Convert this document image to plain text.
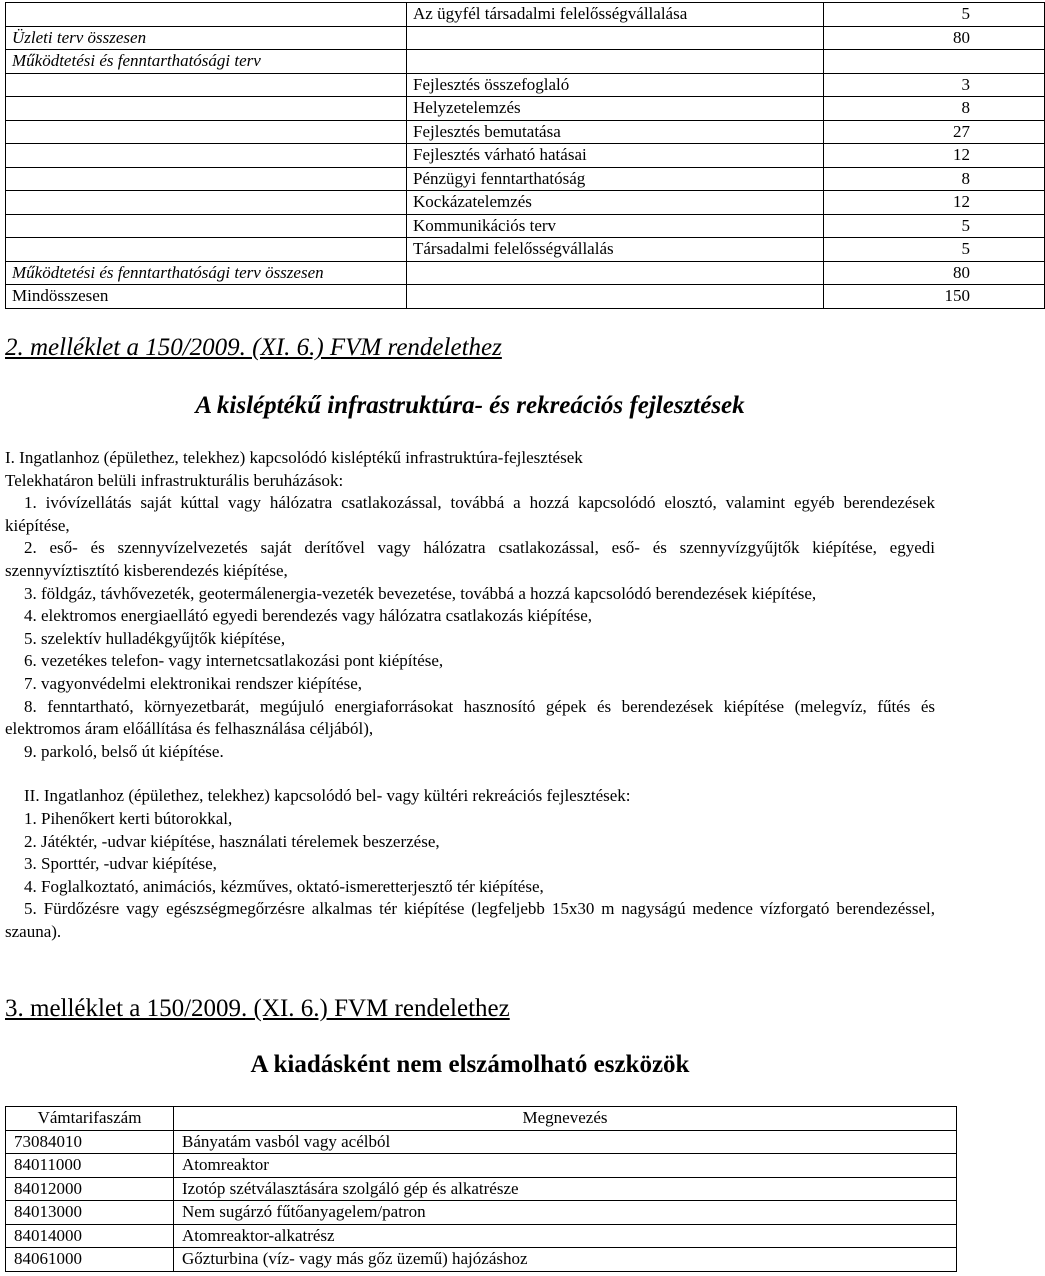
	Az ügyfél társadalmi felelősségvállalása	5
Üzleti terv összesen		80
Működtetési és fenntarthatósági terv		
	Fejlesztés összefoglaló	3
	Helyzetelemzés	8
	Fejlesztés bemutatása	27
	Fejlesztés várható hatásai	12
	Pénzügyi fenntarthatóság	8
	Kockázatelemzés	12
	Kommunikációs terv	5
	Társadalmi felelősségvállalás	5
Működtetési és fenntarthatósági terv összesen		80
Mindösszesen		150
2. melléklet a 150/2009. (XI. 6.) FVM rendelethez
A kisléptékű infrastruktúra- és rekreációs fejlesztések

I. Ingatlanhoz (épülethez, telekhez) kapcsolódó kisléptékű infrastruktúra-fejlesztések

Telekhatáron belüli infrastrukturális beruházások:

1. ivóvízellátás saját kúttal vagy hálózatra csatlakozással, továbbá a hozzá kapcsolódó elosztó, valamint egyéb berendezések kiépítése,

2. eső- és szennyvízelvezetés saját derítővel vagy hálózatra csatlakozással, eső- és szennyvízgyűjtők kiépítése, egyedi szennyvíztisztító kisberendezés kiépítése,

3. földgáz, távhővezeték, geotermálenergia-vezeték bevezetése, továbbá a hozzá kapcsolódó berendezések kiépítése,

4. elektromos energiaellátó egyedi berendezés vagy hálózatra csatlakozás kiépítése,

5. szelektív hulladékgyűjtők kiépítése,

6. vezetékes telefon- vagy internetcsatlakozási pont kiépítése,

7. vagyonvédelmi elektronikai rendszer kiépítése,

8. fenntartható, környezetbarát, megújuló energiaforrásokat hasznosító gépek és berendezések kiépítése (melegvíz, fűtés és elektromos áram előállítása és felhasználása céljából),

9. parkoló, belső út kiépítése.

II. Ingatlanhoz (épülethez, telekhez) kapcsolódó bel- vagy kültéri rekreációs fejlesztések:

1. Pihenőkert kerti bútorokkal,

2. Játéktér, -udvar kiépítése, használati térelemek beszerzése,

3. Sporttér, -udvar kiépítése,

4. Foglalkoztató, animációs, kézműves, oktató-ismeretterjesztő tér kiépítése,

5. Fürdőzésre vagy egészségmegőrzésre alkalmas tér kiépítése (legfeljebb 15x30 m nagyságú medence vízforgató berendezéssel, szauna).

3. melléklet a 150/2009. (XI. 6.) FVM rendelethez
A kiadásként nem elszámolható eszközök
Vámtarifaszám	Megnevezés
73084010	Bányatám vasból vagy acélból
84011000	Atomreaktor
84012000	Izotóp szétválasztására szolgáló gép és alkatrésze
84013000	Nem sugárzó fűtőanyagelem/patron
84014000	Atomreaktor-alkatrész
84061000	Gőzturbina (víz- vagy más gőz üzemű) hajózáshoz
